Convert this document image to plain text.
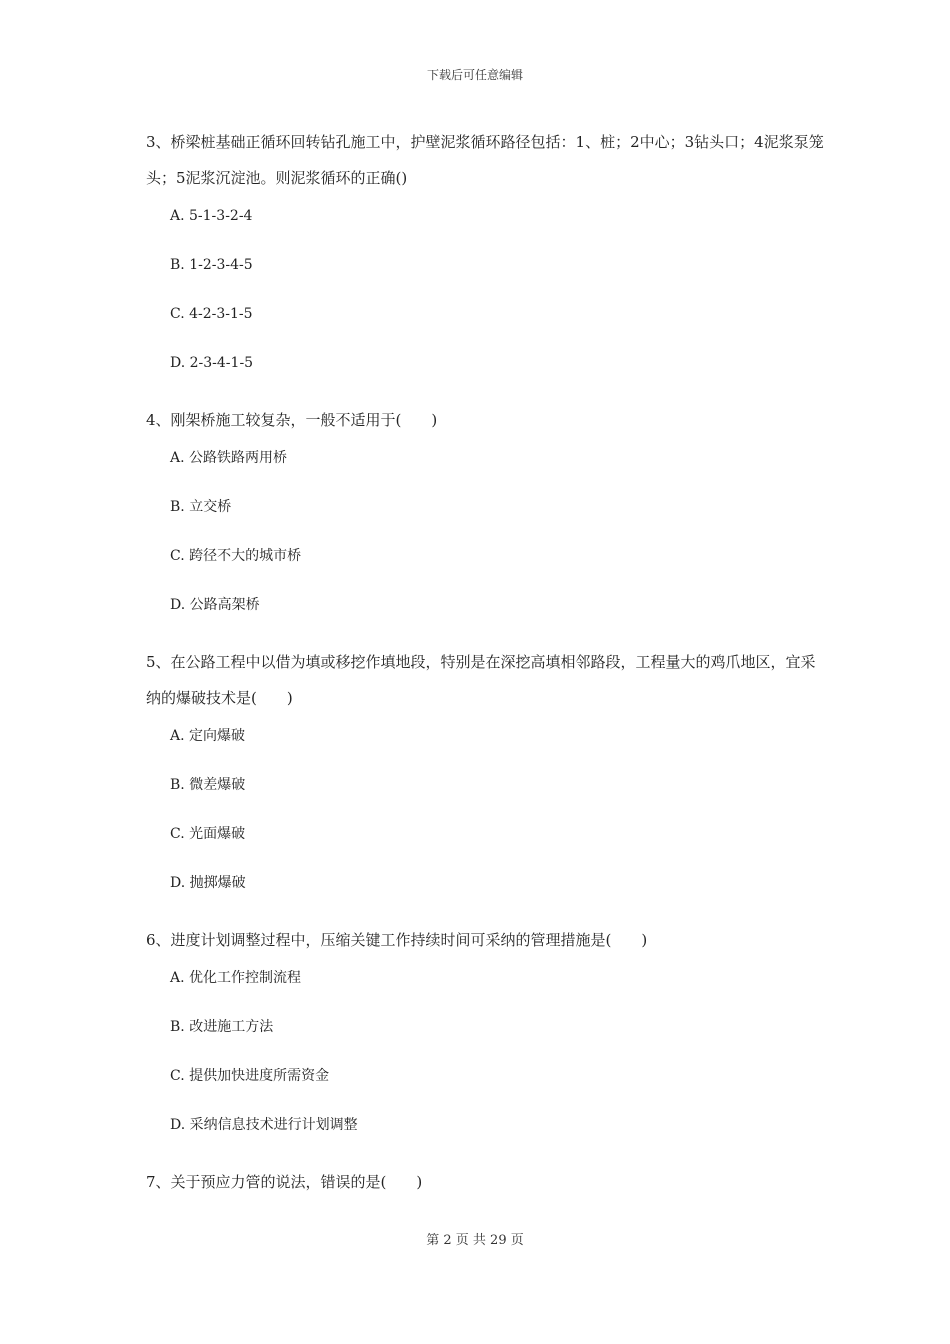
下载后可任意编辑

3、桥梁桩基础正循环回转钻孔施工中，护壁泥浆循环路径包括：1、桩；2中心；3钻头口；4泥浆泵笼头；5泥浆沉淀池。则泥浆循环的正确()

A. 5-1-3-2-4

B. 1-2-3-4-5

C. 4-2-3-1-5

D. 2-3-4-1-5

4、刚架桥施工较复杂，一般不适用于(　　)

A. 公路铁路两用桥

B. 立交桥

C. 跨径不大的城市桥

D. 公路高架桥

5、在公路工程中以借为填或移挖作填地段，特别是在深挖高填相邻路段，工程量大的鸡爪地区，宜采纳的爆破技术是(　　)

A. 定向爆破

B. 微差爆破

C. 光面爆破

D. 抛掷爆破

6、进度计划调整过程中，压缩关键工作持续时间可采纳的管理措施是(　　)

A. 优化工作控制流程

B. 改进施工方法

C. 提供加快进度所需资金

D. 采纳信息技术进行计划调整

7、关于预应力管的说法，错误的是(　　)

第 2 页 共 29 页
